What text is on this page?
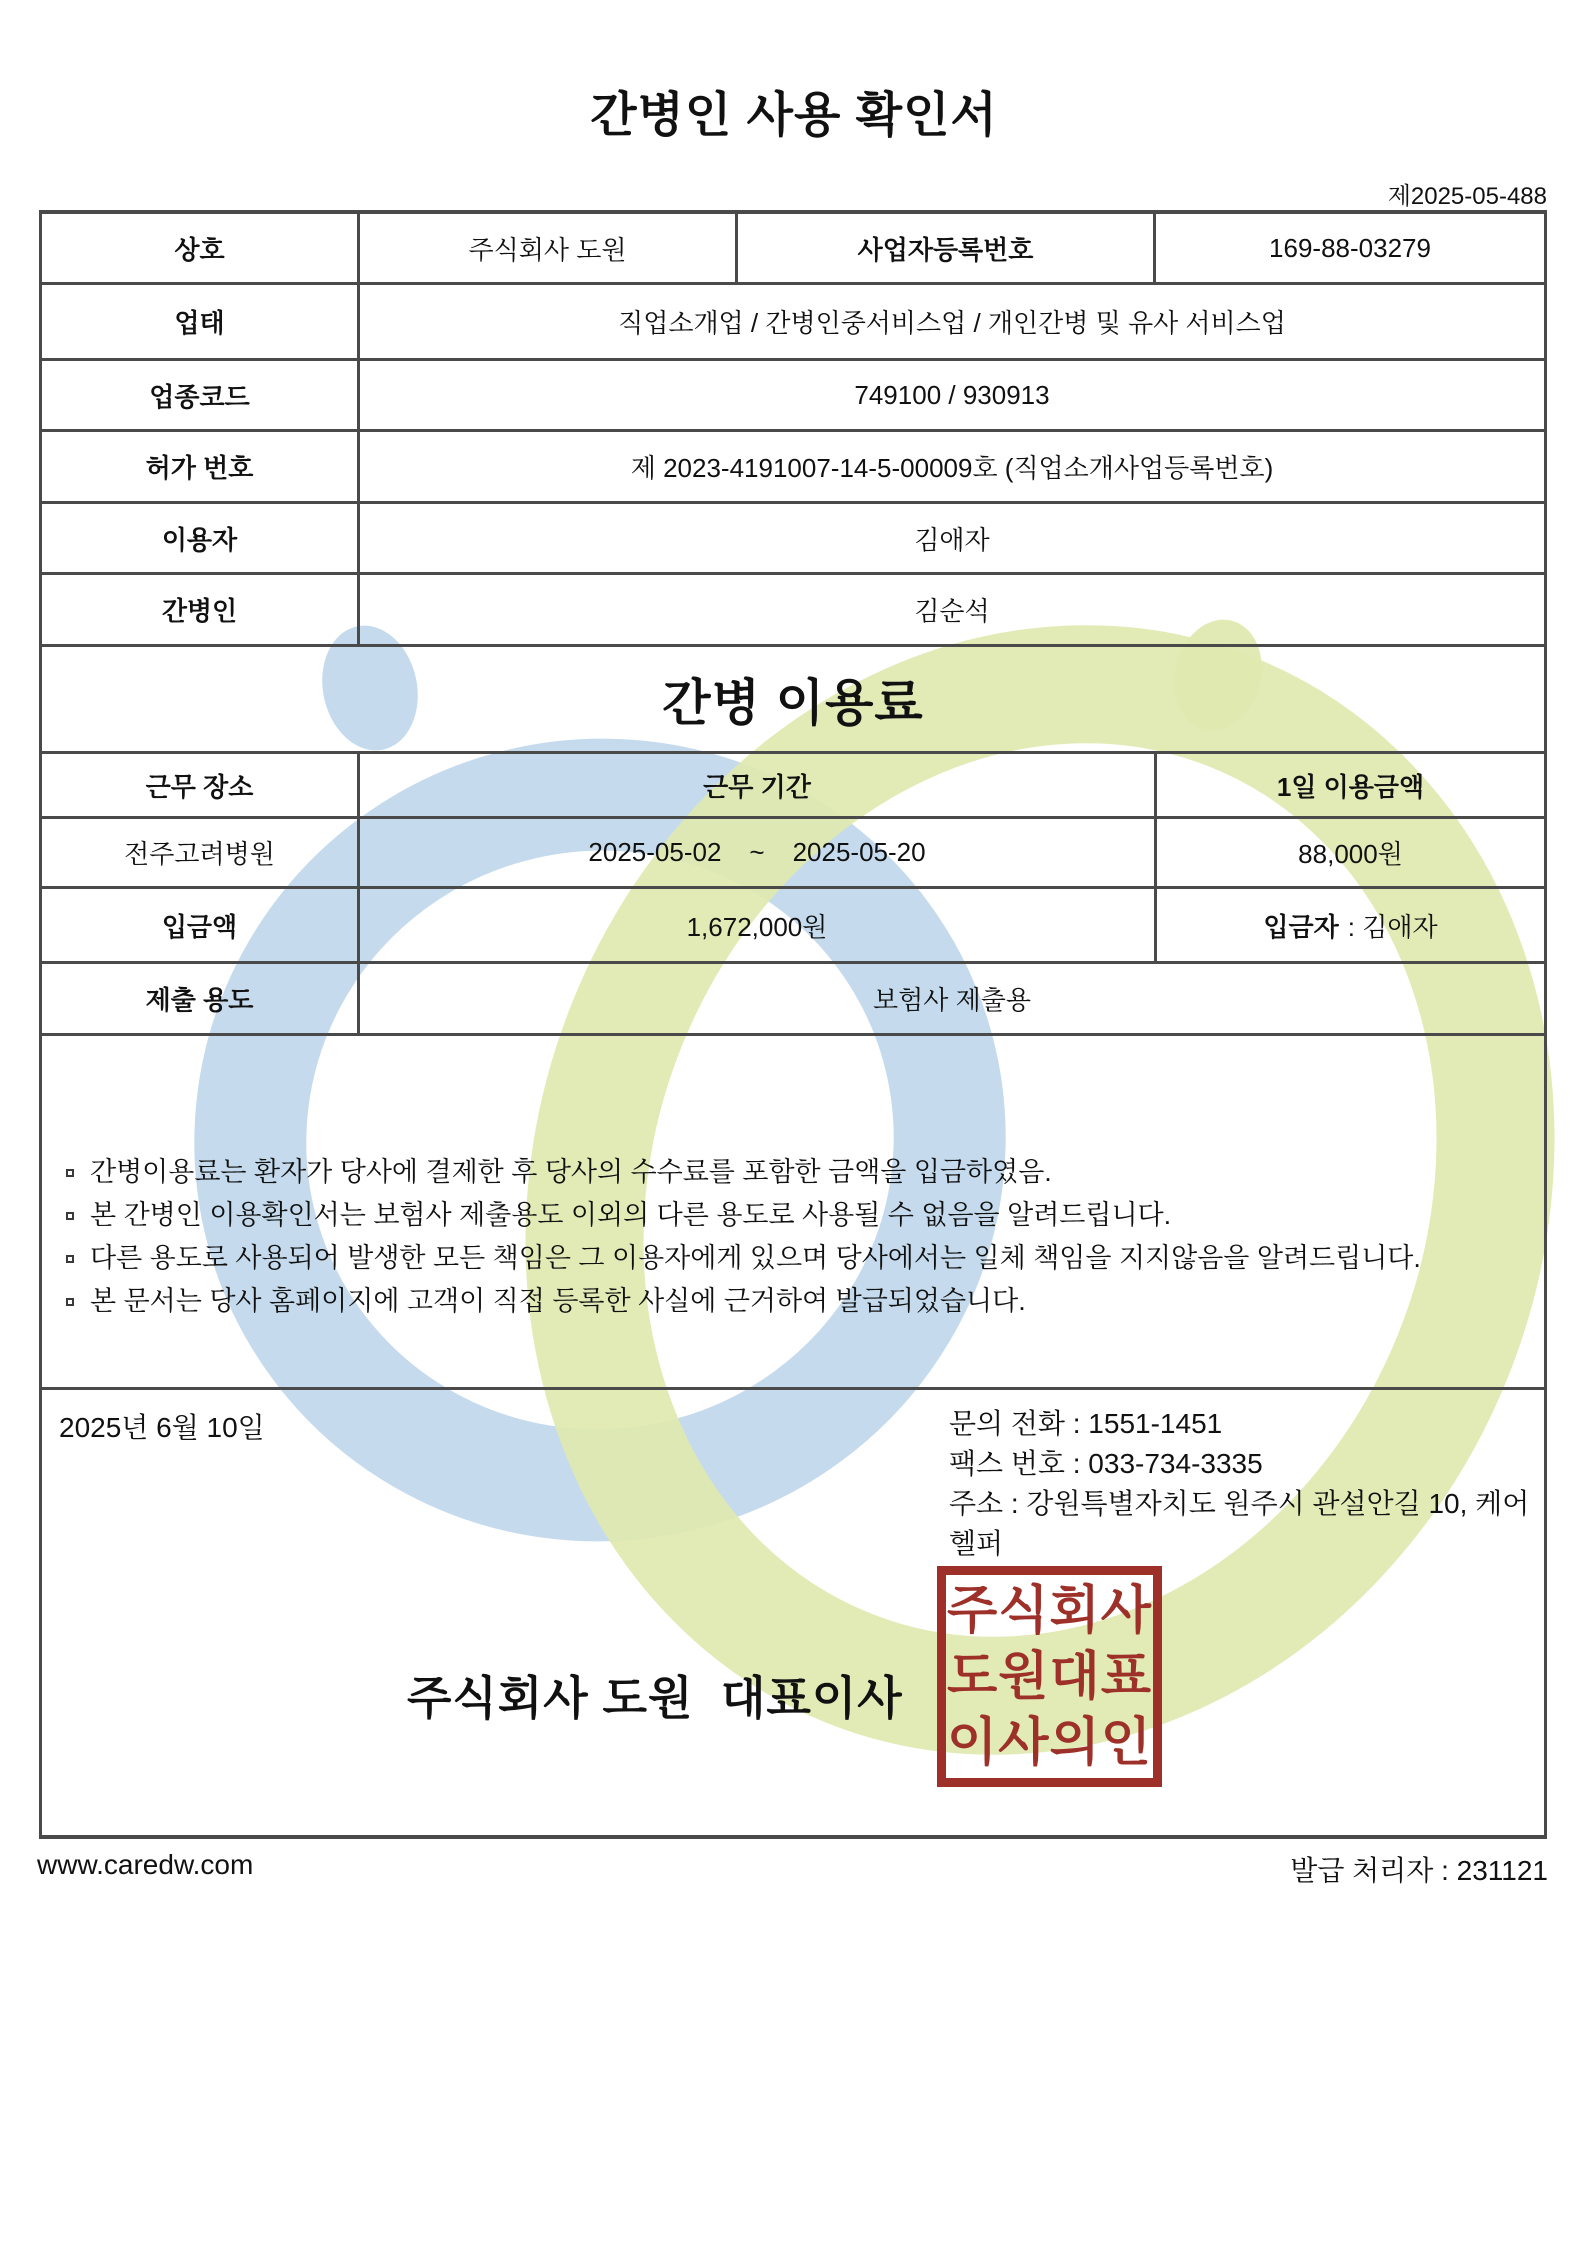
간병인 사용 확인서
제2025-05-488
상호	주식회사 도원	사업자등록번호	169-88-03279
업태	직업소개업 / 간병인중서비스업 / 개인간병 및 유사 서비스업
업종코드	749100 / 930913
허가 번호	제 2023-4191007-14-5-00009호 (직업소개사업등록번호)
이용자	김애자
간병인	김순석
간병 이용료
근무 장소	근무 기간	1일 이용금액
전주고려병원	2025-05-02 ~ 2025-05-20	88,000원
입금액	1,672,000원	입금자 : 김애자
제출 용도	보험사 제출용
간병이용료는 환자가 당사에 결제한 후 당사의 수수료를 포함한 금액을 입금하였음.
본 간병인 이용확인서는 보험사 제출용도 이외의 다른 용도로 사용될 수 없음을 알려드립니다.
다른 용도로 사용되어 발생한 모든 책임은 그 이용자에게 있으며 당사에서는 일체 책임을 지지않음을 알려드립니다.
본 문서는 당사 홈페이지에 고객이 직접 등록한 사실에 근거하여 발급되었습니다.
2025년 6월 10일	문의 전화 : 1551-1451
팩스 번호 : 033-734-3335
주소 : 강원특별자치도 원주시 관설안길 10, 케어헬퍼
주식회사 도원  대표이사
주식회사
도원대표
이사의인
www.caredw.com	발급 처리자 : 231121
